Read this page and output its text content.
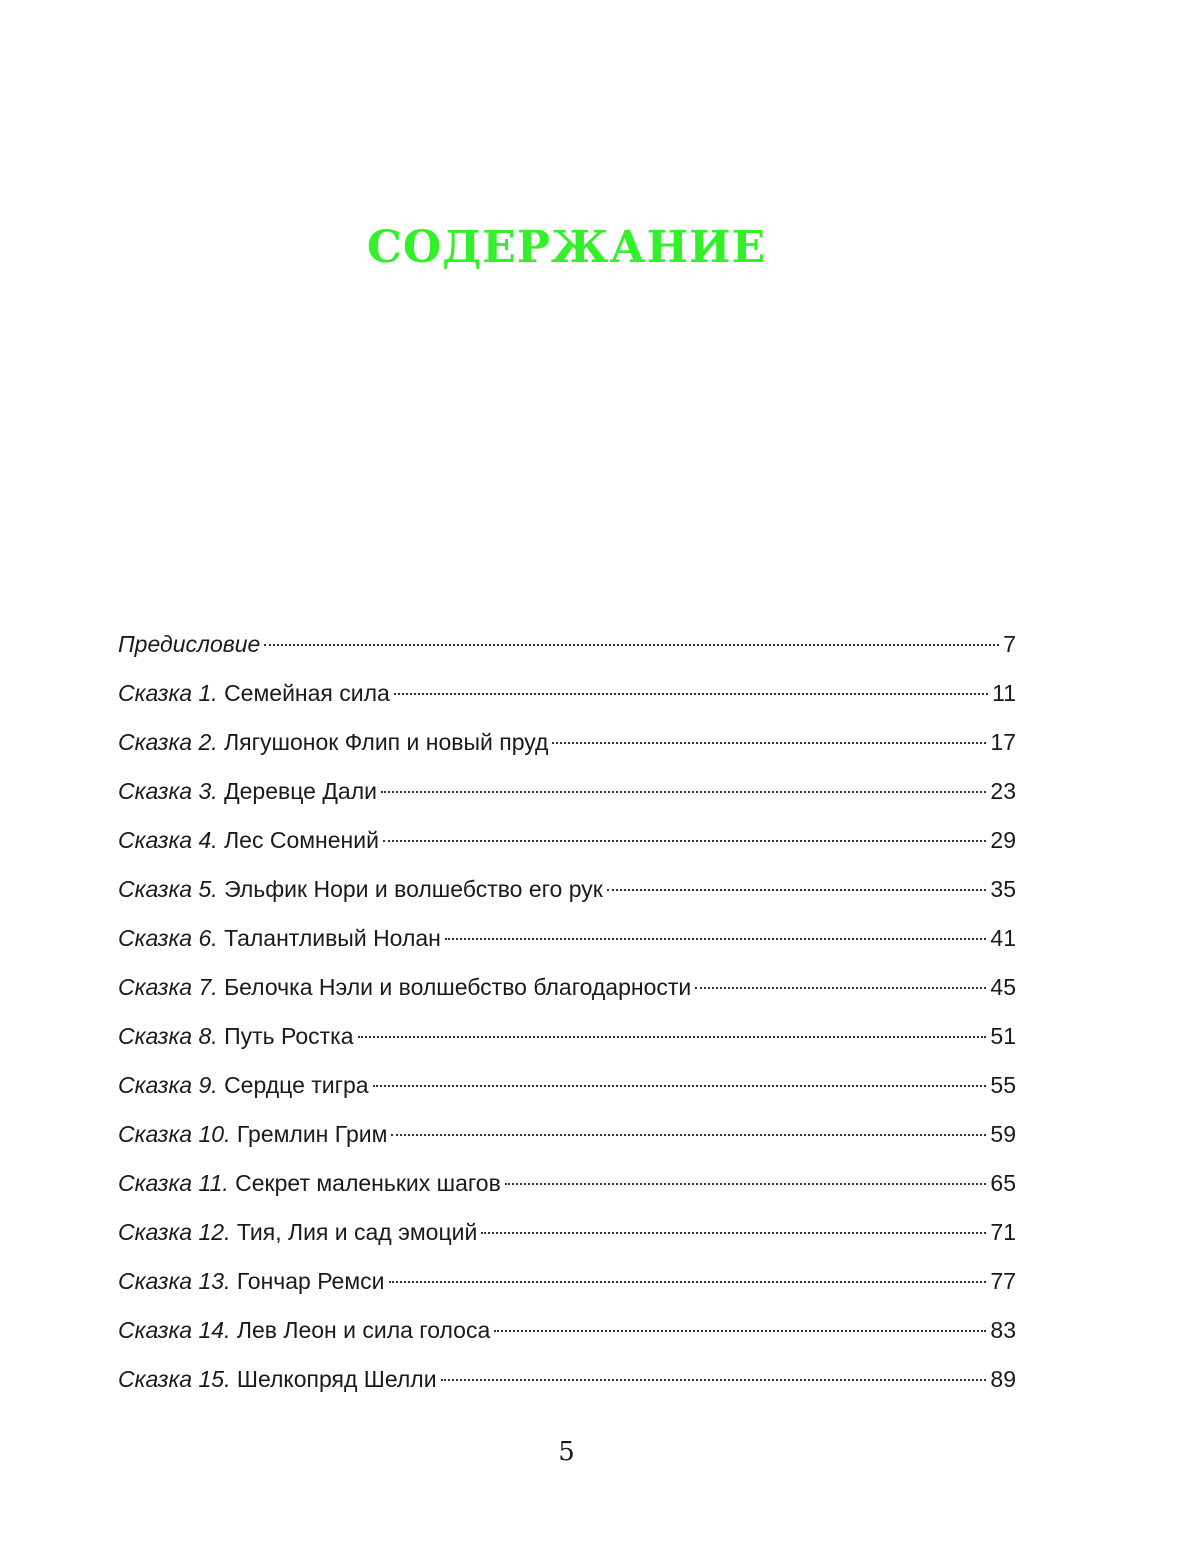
СОДЕРЖАНИЕ
Предисловие	7
Сказка 1. Семейная сила	11
Сказка 2. Лягушонок Флип и новый пруд	17
Сказка 3. Деревце Дали	23
Сказка 4. Лес Сомнений	29
Сказка 5. Эльфик Нори и волшебство его рук	35
Сказка 6. Талантливый Нолан	41
Сказка 7. Белочка Нэли и волшебство благодарности	45
Сказка 8. Путь Ростка	51
Сказка 9. Сердце тигра	55
Сказка 10. Гремлин Грим	59
Сказка 11. Секрет маленьких шагов	65
Сказка 12. Тия, Лия и сад эмоций	71
Сказка 13. Гончар Ремси	77
Сказка 14. Лев Леон и сила голоса	83
Сказка 15. Шелкопряд Шелли	89
5
